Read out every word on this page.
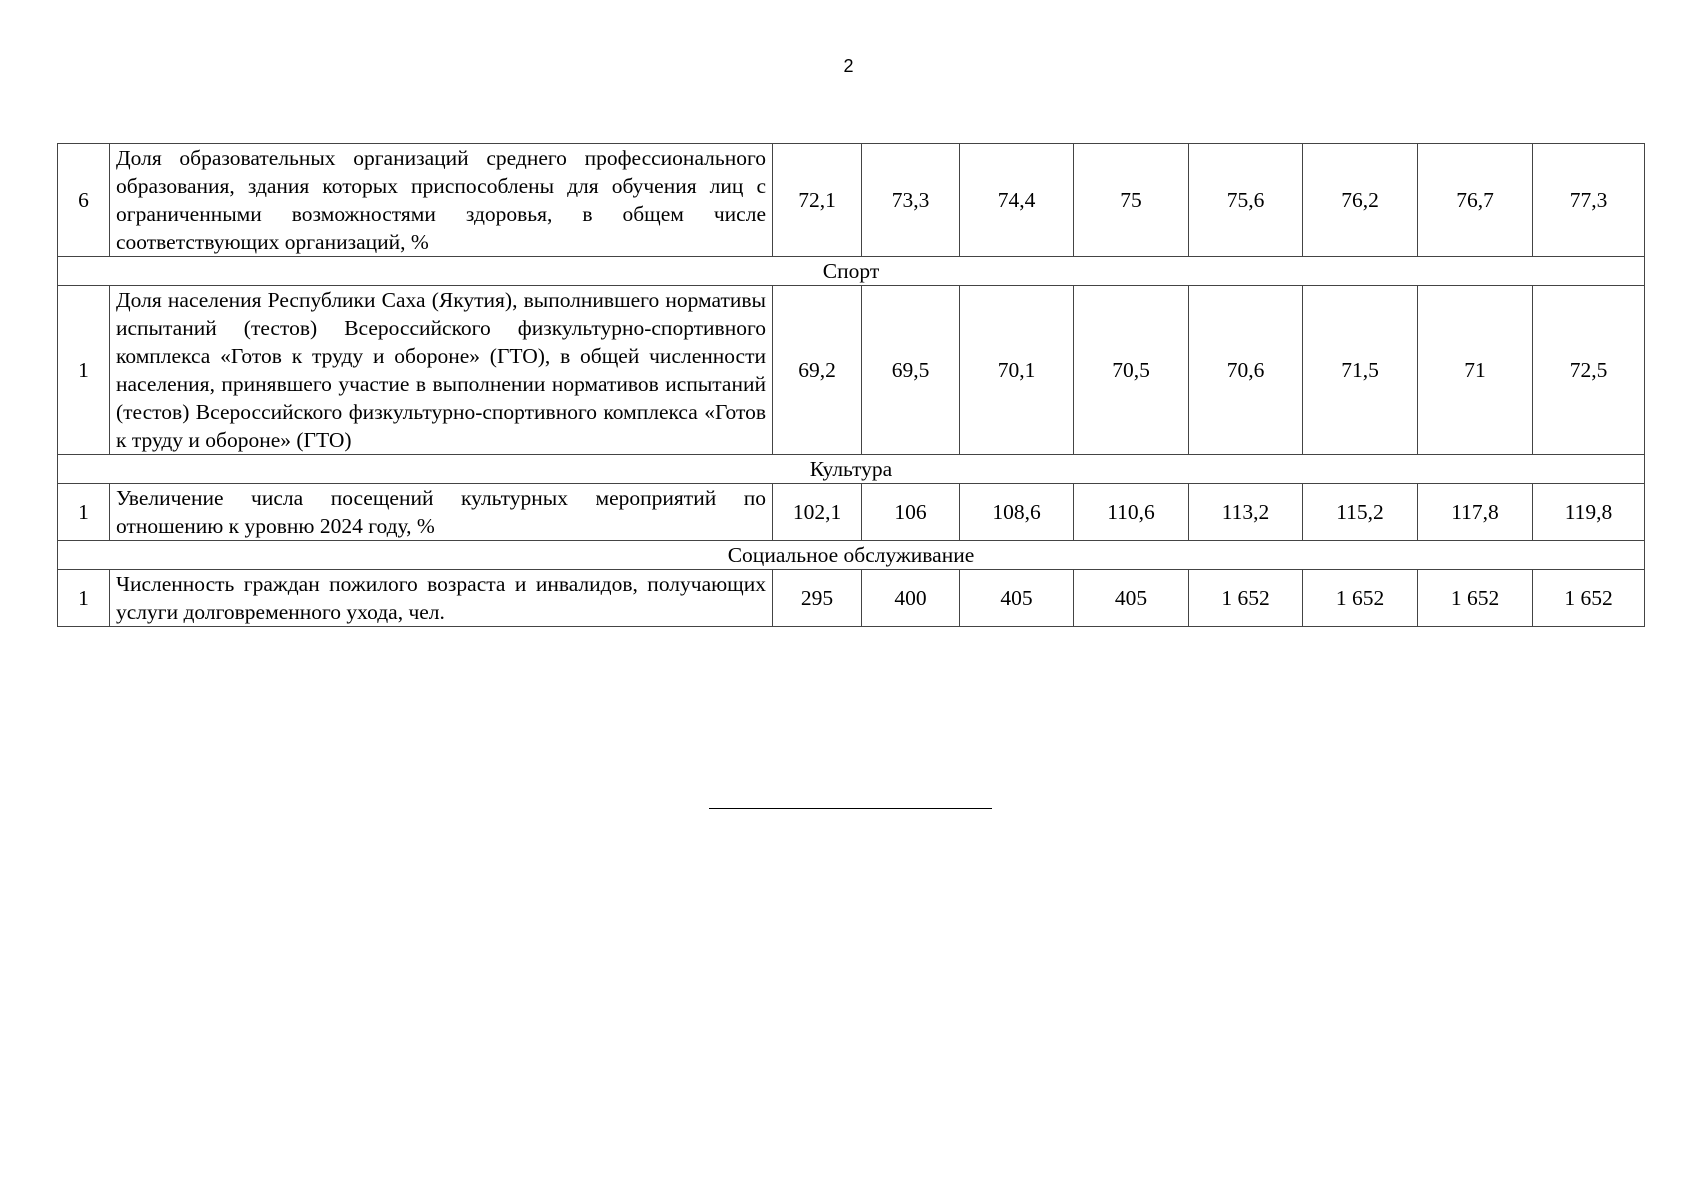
2
6	Доля образовательных организаций среднего профессионального образования, здания которых приспособлены для обучения лиц с ограниченными возможностями здоровья, в общем числе соответствующих организаций, %	72,1	73,3	74,4	75	75,6	76,2	76,7	77,3
Спорт									
1	Доля населения Республики Саха (Якутия), выполнившего нормативы испытаний (тестов) Всероссийского физкультурно-спортивного комплекса «Готов к труду и обороне» (ГТО), в общей численности населения, принявшего участие в выполнении нормативов испытаний (тестов) Всероссийского физкультурно-спортивного комплекса «Готов к труду и обороне» (ГТО)	69,2	69,5	70,1	70,5	70,6	71,5	71	72,5
Культура									
1	Увеличение числа посещений культурных мероприятий по отношению к уровню 2024 году, %	102,1	106	108,6	110,6	113,2	115,2	117,8	119,8
Социальное обслуживание									
1	Численность граждан пожилого возраста и инвалидов, получающих услуги долговременного ухода, чел.	295	400	405	405	1 652	1 652	1 652	1 652
